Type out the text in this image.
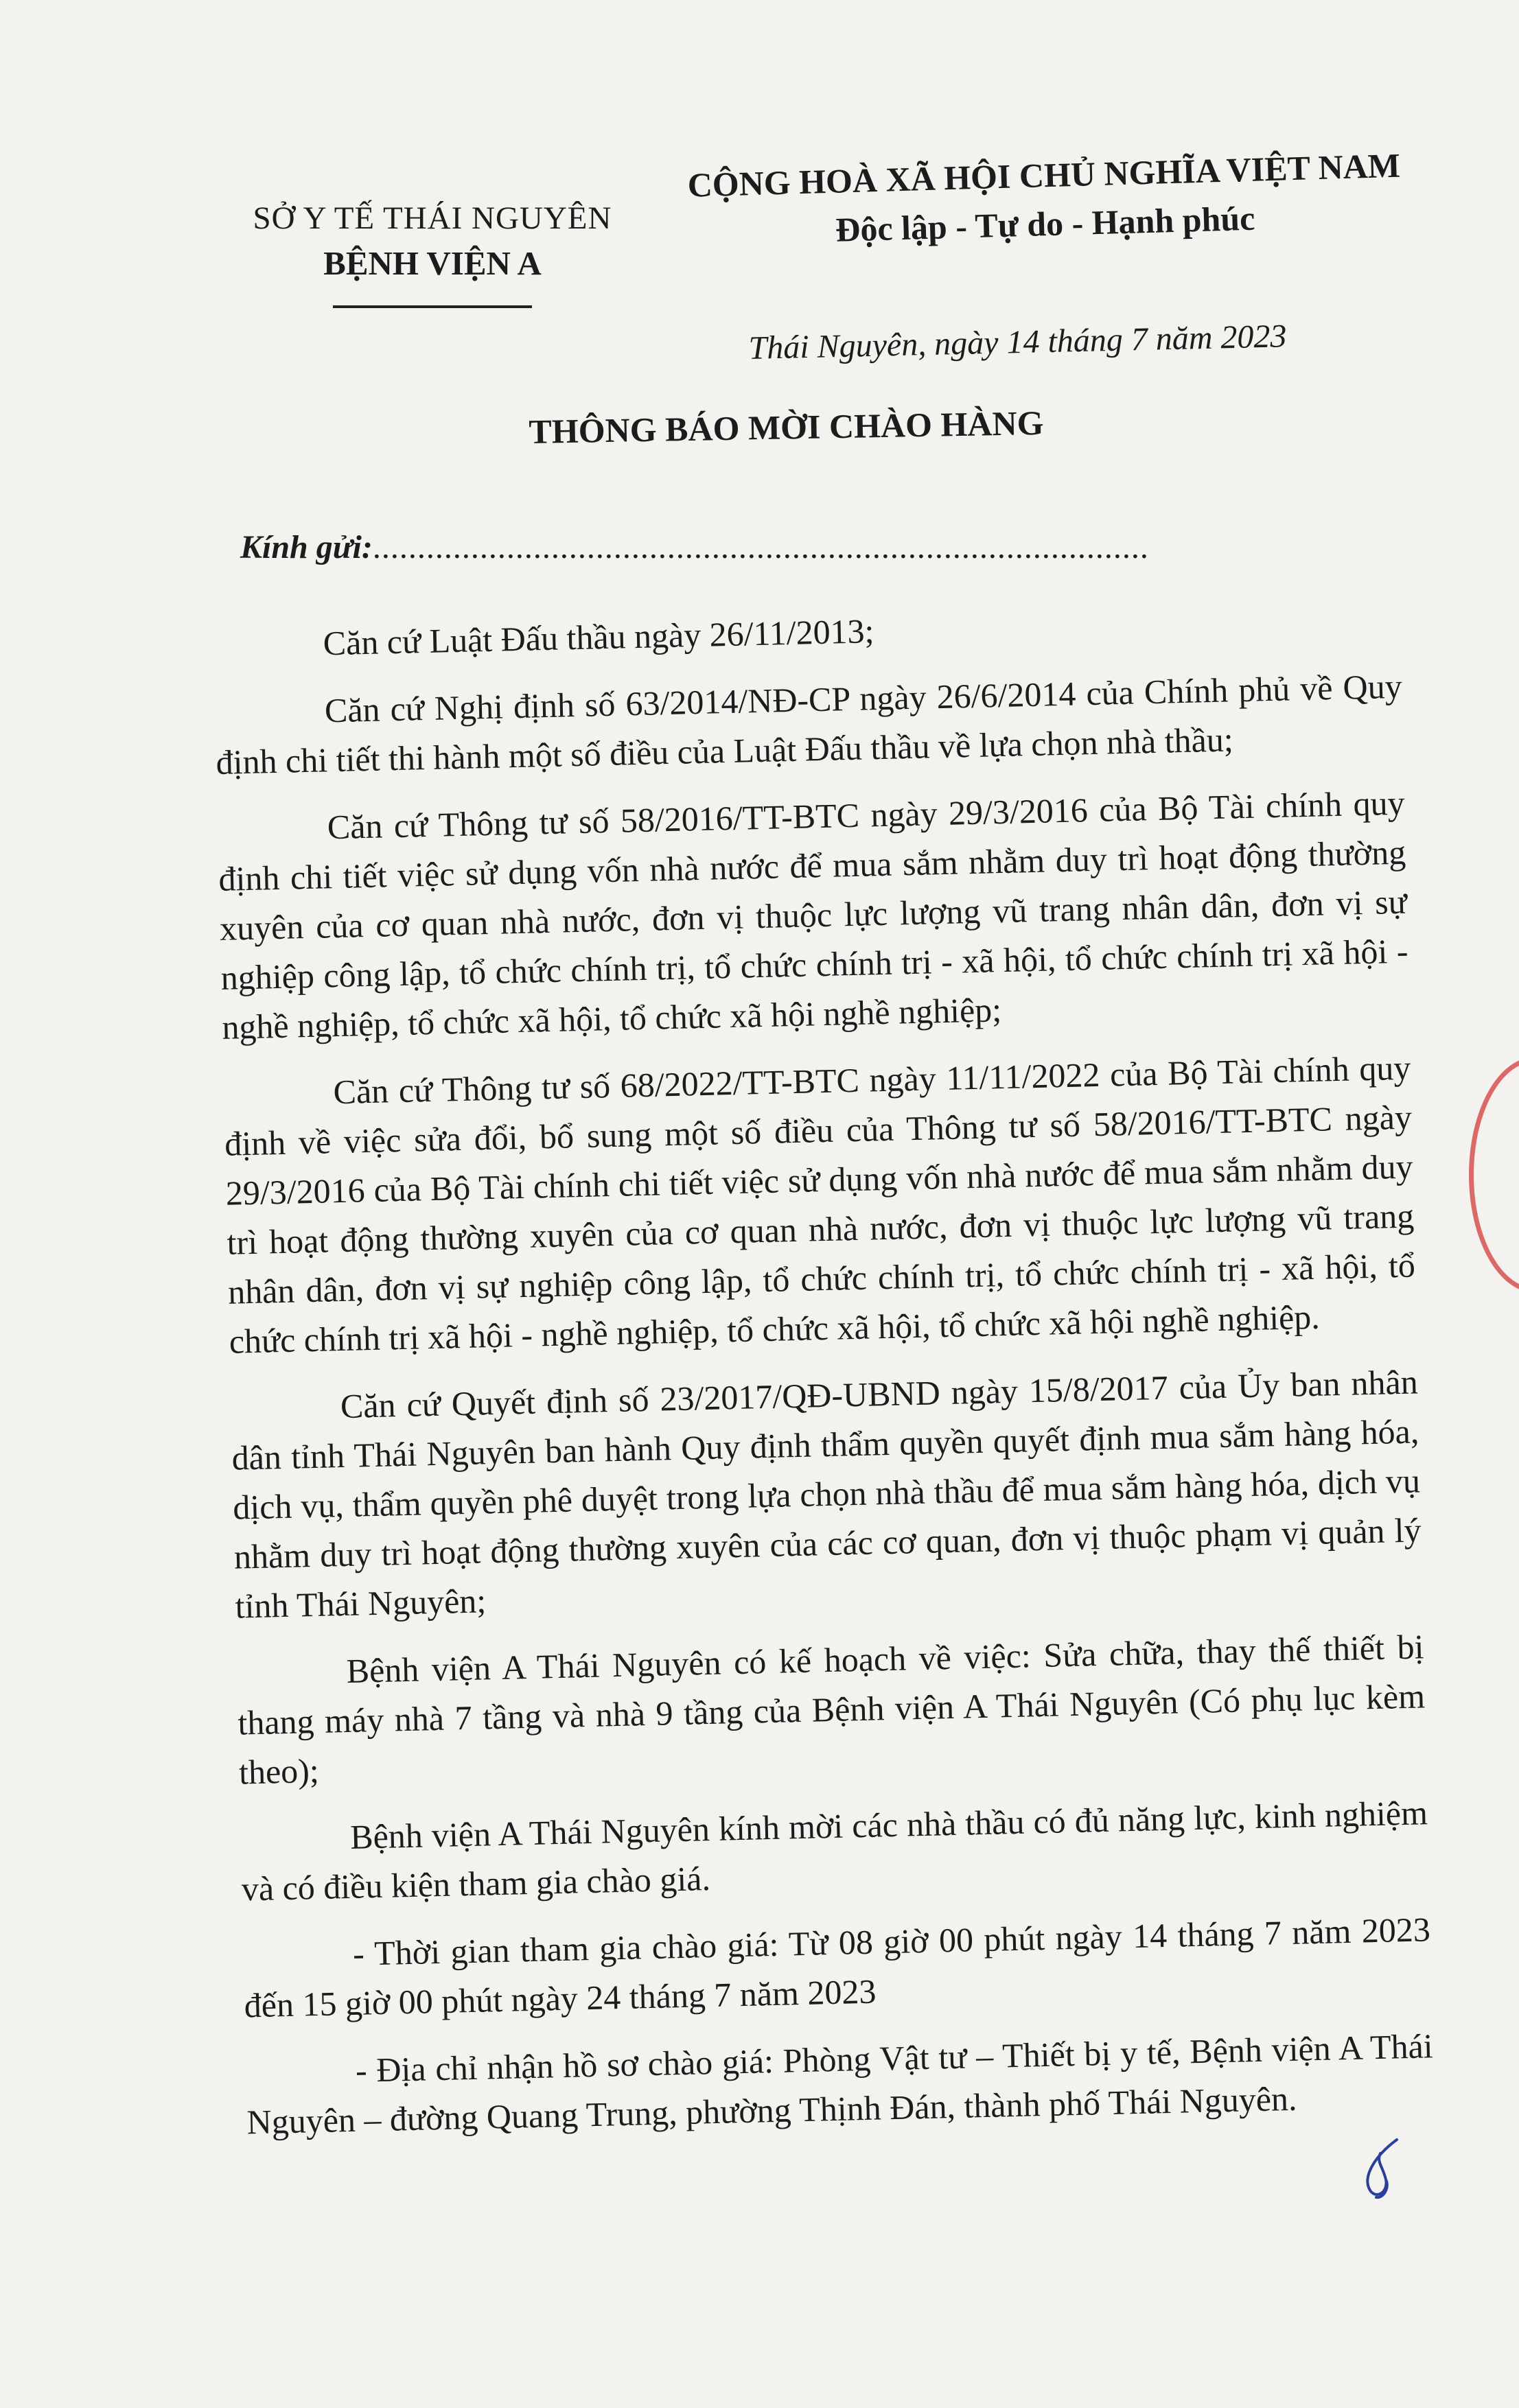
SỞ Y TẾ THÁI NGUYÊN
BỆNH VIỆN A
CỘNG HOÀ XÃ HỘI CHỦ NGHĨA VIỆT NAM
Độc lập - Tự do - Hạnh phúc
Thái Nguyên, ngày 14 tháng 7 năm 2023
THÔNG BÁO MỜI CHÀO HÀNG
Kính gửi:.......................................................................................

Căn cứ Luật Đấu thầu ngày 26/11/2013;

Căn cứ Nghị định số 63/2014/NĐ-CP ngày 26/6/2014 của Chính phủ về Quy định chi tiết thi hành một số điều của Luật Đấu thầu về lựa chọn nhà thầu;

Căn cứ Thông tư số 58/2016/TT-BTC ngày 29/3/2016 của Bộ Tài chính quy định chi tiết việc sử dụng vốn nhà nước để mua sắm nhằm duy trì hoạt động thường xuyên của cơ quan nhà nước, đơn vị thuộc lực lượng vũ trang nhân dân, đơn vị sự nghiệp công lập, tổ chức chính trị, tổ chức chính trị - xã hội, tổ chức chính trị xã hội - nghề nghiệp, tổ chức xã hội, tổ chức xã hội nghề nghiệp;

Căn cứ Thông tư số 68/2022/TT-BTC ngày 11/11/2022 của Bộ Tài chính quy định về việc sửa đổi, bổ sung một số điều của Thông tư số 58/2016/TT-BTC ngày 29/3/2016 của Bộ Tài chính chi tiết việc sử dụng vốn nhà nước để mua sắm nhằm duy trì hoạt động thường xuyên của cơ quan nhà nước, đơn vị thuộc lực lượng vũ trang nhân dân, đơn vị sự nghiệp công lập, tổ chức chính trị, tổ chức chính trị - xã hội, tổ chức chính trị xã hội - nghề nghiệp, tổ chức xã hội, tổ chức xã hội nghề nghiệp.

Căn cứ Quyết định số 23/2017/QĐ-UBND ngày 15/8/2017 của Ủy ban nhân dân tỉnh Thái Nguyên ban hành Quy định thẩm quyền quyết định mua sắm hàng hóa, dịch vụ, thẩm quyền phê duyệt trong lựa chọn nhà thầu để mua sắm hàng hóa, dịch vụ nhằm duy trì hoạt động thường xuyên của các cơ quan, đơn vị thuộc phạm vị quản lý tỉnh Thái Nguyên;

Bệnh viện A Thái Nguyên có kế hoạch về việc: Sửa chữa, thay thế thiết bị thang máy nhà 7 tầng và nhà 9 tầng của Bệnh viện A Thái Nguyên (Có phụ lục kèm theo);

Bệnh viện A Thái Nguyên kính mời các nhà thầu có đủ năng lực, kinh nghiệm và có điều kiện tham gia chào giá.

- Thời gian tham gia chào giá: Từ 08 giờ 00 phút ngày 14 tháng 7 năm 2023 đến 15 giờ 00 phút ngày 24 tháng 7 năm 2023

- Địa chỉ nhận hồ sơ chào giá: Phòng Vật tư – Thiết bị y tế, Bệnh viện A Thái Nguyên – đường Quang Trung, phường Thịnh Đán, thành phố Thái Nguyên.
